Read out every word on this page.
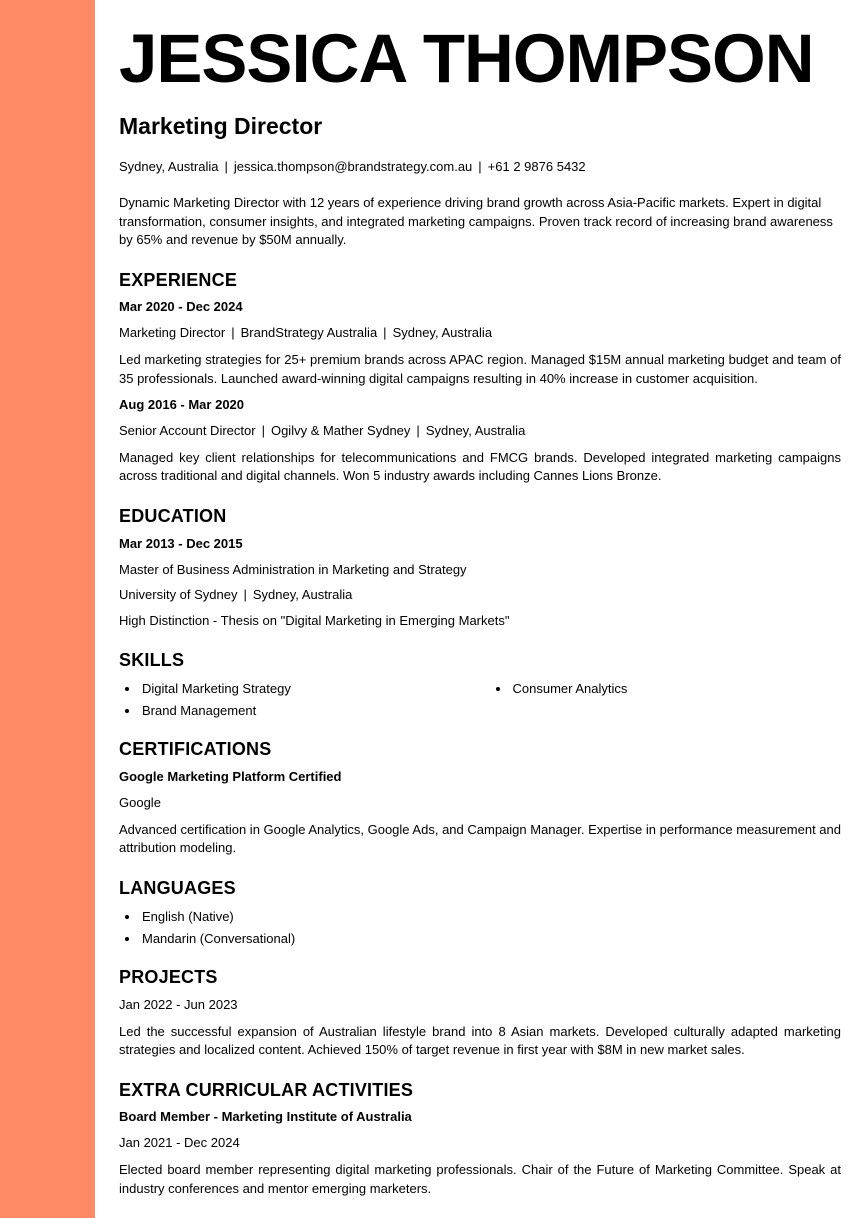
JESSICA THOMPSON
Marketing Director
Sydney, Australia | jessica.thompson@brandstrategy.com.au | +61 2 9876 5432
Dynamic Marketing Director with 12 years of experience driving brand growth across Asia-Pacific markets. Expert in digital transformation, consumer insights, and integrated marketing campaigns. Proven track record of increasing brand awareness by 65% and revenue by $50M annually.
EXPERIENCE
Mar 2020 - Dec 2024
Marketing Director | BrandStrategy Australia | Sydney, Australia
Led marketing strategies for 25+ premium brands across APAC region. Managed $15M annual marketing budget and team of 35 professionals. Launched award-winning digital campaigns resulting in 40% increase in customer acquisition.
Aug 2016 - Mar 2020
Senior Account Director | Ogilvy & Mather Sydney | Sydney, Australia
Managed key client relationships for telecommunications and FMCG brands. Developed integrated marketing campaigns across traditional and digital channels. Won 5 industry awards including Cannes Lions Bronze.
EDUCATION
Mar 2013 - Dec 2015
Master of Business Administration in Marketing and Strategy
University of Sydney | Sydney, Australia
High Distinction - Thesis on "Digital Marketing in Emerging Markets"
SKILLS
• Digital Marketing Strategy
• Brand Management
• Consumer Analytics
CERTIFICATIONS
Google Marketing Platform Certified
Google
Advanced certification in Google Analytics, Google Ads, and Campaign Manager. Expertise in performance measurement and attribution modeling.
LANGUAGES
• English (Native)
• Mandarin (Conversational)
PROJECTS
Jan 2022 - Jun 2023
Led the successful expansion of Australian lifestyle brand into 8 Asian markets. Developed culturally adapted marketing strategies and localized content. Achieved 150% of target revenue in first year with $8M in new market sales.
EXTRA CURRICULAR ACTIVITIES
Board Member - Marketing Institute of Australia
Jan 2021 - Dec 2024
Elected board member representing digital marketing professionals. Chair of the Future of Marketing Committee. Speak at industry conferences and mentor emerging marketers.
